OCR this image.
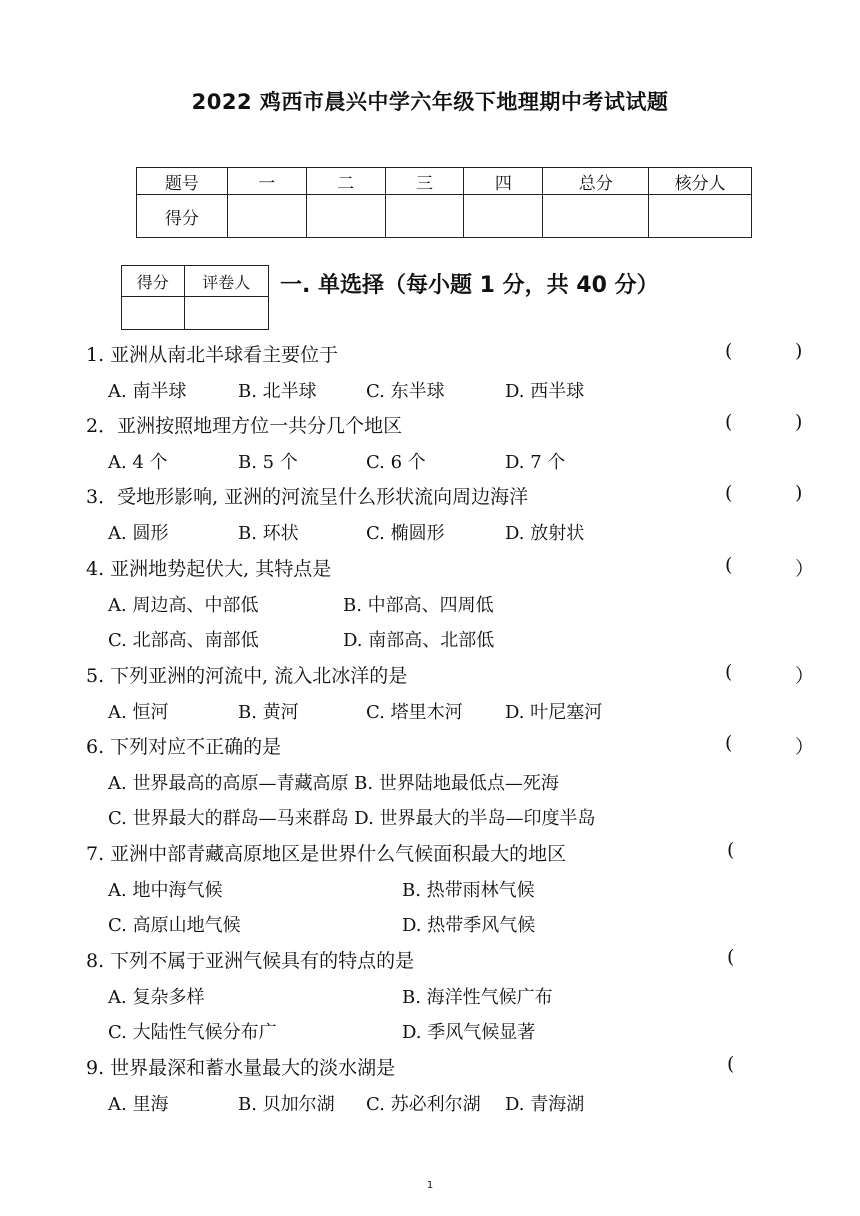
2022 鸡西市晨兴中学六年级下地理期中考试试题
题号	一	二	三	四	总分	核分人
得分						
得分	评卷人
	一. 单选择（每小题 1 分，共 40 分）
1. 亚洲从南北半球看主要位于	(	)
A. 南半球	B. 北半球	C. 东半球	D. 西半球
2．亚洲按照地理方位一共分几个地区	(	)
A. 4 个	B. 5 个	C. 6 个	D. 7 个
3．受地形影响, 亚洲的河流呈什么形状流向周边海洋	(	)
A. 圆形	B. 环状	C. 椭圆形	D. 放射状
4. 亚洲地势起伏大, 其特点是	(	）
A. 周边高、中部低	B. 中部高、四周低
C. 北部高、南部低	D. 南部高、北部低
5. 下列亚洲的河流中, 流入北冰洋的是	(	）
A. 恒河	B. 黄河	C. 塔里木河 D. 叶尼塞河
6. 下列对应不正确的是	(	）
A. 世界最高的高原—青藏高原 B. 世界陆地最低点—死海
C. 世界最大的群岛—马来群岛 D. 世界最大的半岛—印度半岛
7. 亚洲中部青藏高原地区是世界什么气候面积最大的地区	(
A. 地中海气候	B. 热带雨林气候
C. 高原山地气候	D. 热带季风气候
8. 下列不属于亚洲气候具有的特点的是	(
A. 复杂多样	B. 海洋性气候广布
C. 大陆性气候分布广	D. 季风气候显著
9. 世界最深和蓄水量最大的淡水湖是	(
A. 里海	B. 贝加尔湖 C. 苏必利尔湖 D. 青海湖
1
